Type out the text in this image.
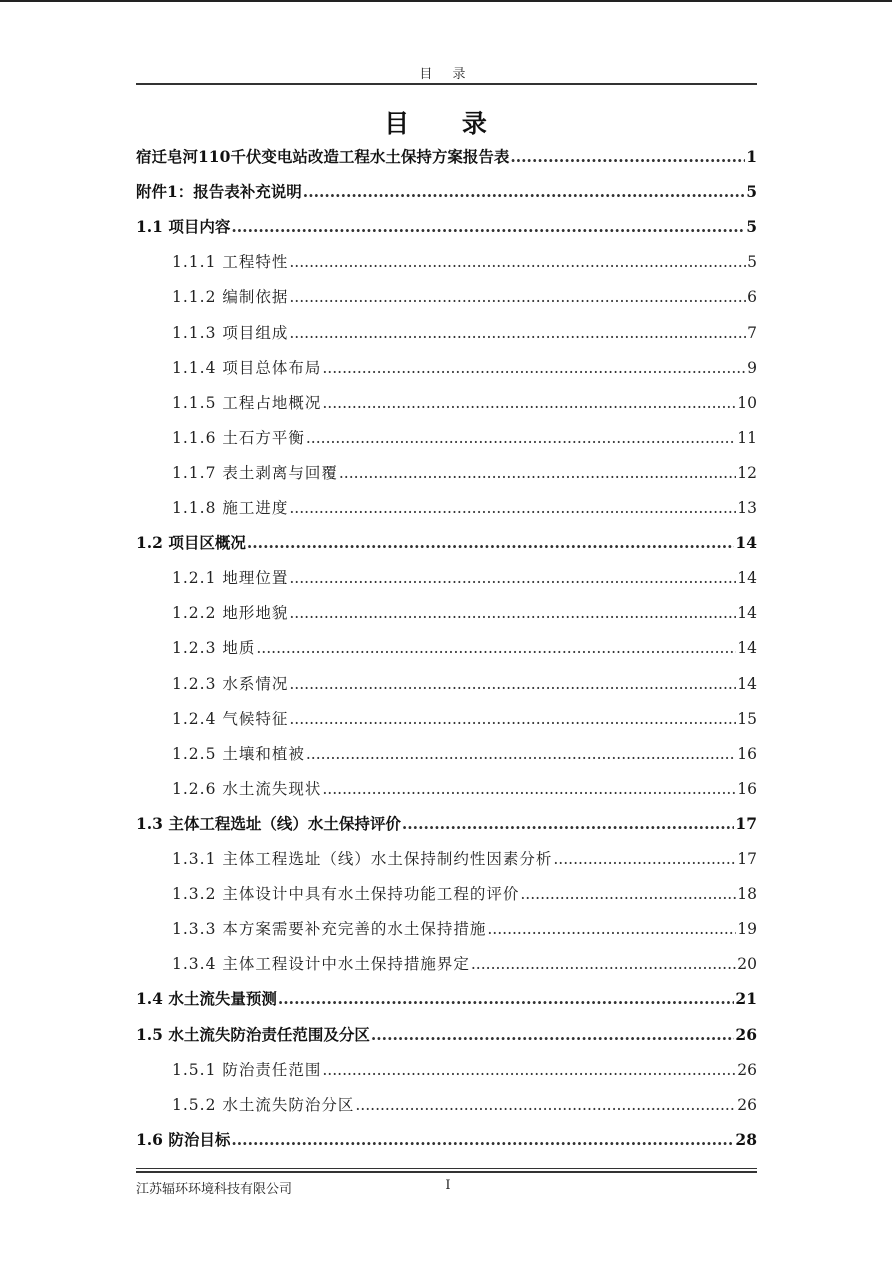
目 录
目 录
宿迁皂河110千伏变电站改造工程水土保持方案报告表 .....	1
附件1：报告表补充说明 .....	5
1.1 项目内容 .....	5
1.1.1 工程特性 .....	5
1.1.2 编制依据 .....	6
1.1.3 项目组成 .....	7
1.1.4 项目总体布局 .....	9
1.1.5 工程占地概况 .....	10
1.1.6 土石方平衡 .....	11
1.1.7 表土剥离与回覆 .....	12
1.1.8 施工进度 .....	13
1.2 项目区概况 .....	14
1.2.1 地理位置 .....	14
1.2.2 地形地貌 .....	14
1.2.3 地质 .....	14
1.2.3 水系情况 .....	14
1.2.4 气候特征 .....	15
1.2.5 土壤和植被 .....	16
1.2.6 水土流失现状 .....	16
1.3 主体工程选址（线）水土保持评价 .....	17
1.3.1 主体工程选址（线）水土保持制约性因素分析 .....	17
1.3.2 主体设计中具有水土保持功能工程的评价 .....	18
1.3.3 本方案需要补充完善的水土保持措施 .....	19
1.3.4 主体工程设计中水土保持措施界定 .....	20
1.4 水土流失量预测 .....	21
1.5 水土流失防治责任范围及分区 .....	26
1.5.1 防治责任范围 .....	26
1.5.2 水土流失防治分区 .....	26
1.6 防治目标 .....	28
江苏辐环环境科技有限公司	I
